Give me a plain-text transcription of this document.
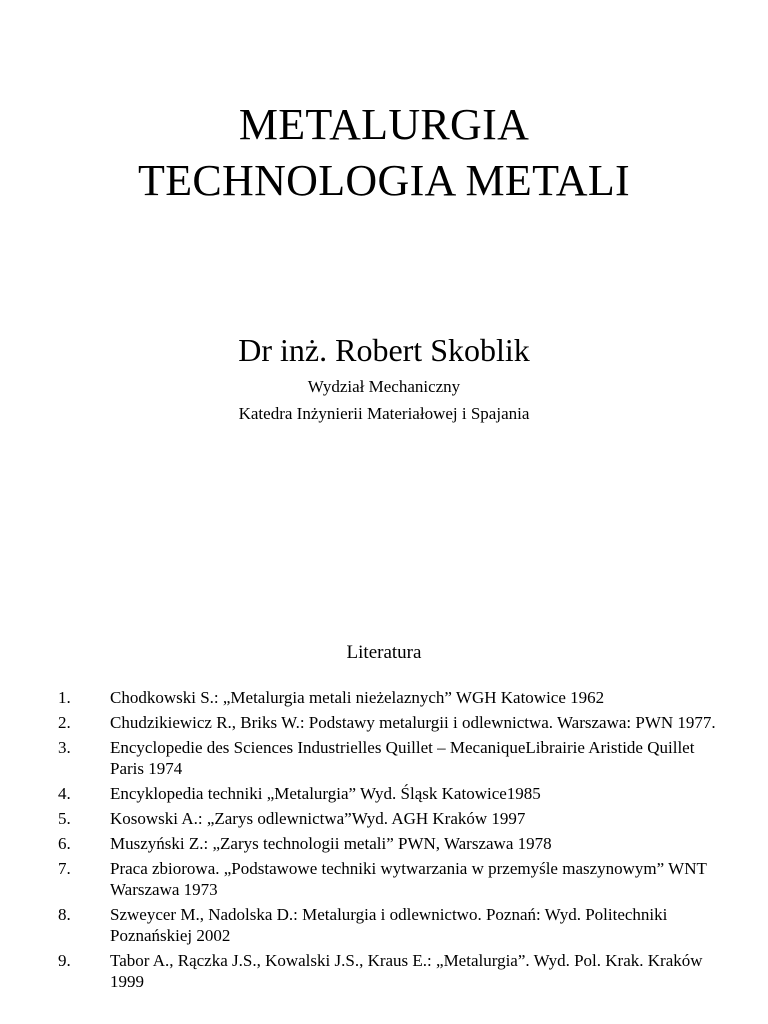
METALURGIA
TECHNOLOGIA METALI
Dr inż. Robert Skoblik
Wydział Mechaniczny
Katedra Inżynierii Materiałowej i Spajania
Literatura
1. Chodkowski S.: „Metalurgia metali nieżelaznych” WGH Katowice 1962
2. Chudzikiewicz R., Briks W.: Podstawy metalurgii i odlewnictwa. Warszawa: PWN 1977.
3. Encyclopedie des Sciences Industrielles Quillet – MecaniqueLibrairie Aristide Quillet Paris 1974
4. Encyklopedia techniki „Metalurgia” Wyd. Śląsk Katowice1985
5. Kosowski A.: „Zarys odlewnictwa”Wyd. AGH Kraków 1997
6. Muszyński Z.: „Zarys technologii metali” PWN, Warszawa 1978
7. Praca zbiorowa. „Podstawowe techniki wytwarzania w przemyśle maszynowym” WNT Warszawa 1973
8. Szweycer M., Nadolska D.: Metalurgia i odlewnictwo. Poznań: Wyd. Politechniki Poznańskiej 2002
9. Tabor A., Rączka J.S., Kowalski J.S., Kraus E.: „Metalurgia”. Wyd. Pol. Krak. Kraków 1999
